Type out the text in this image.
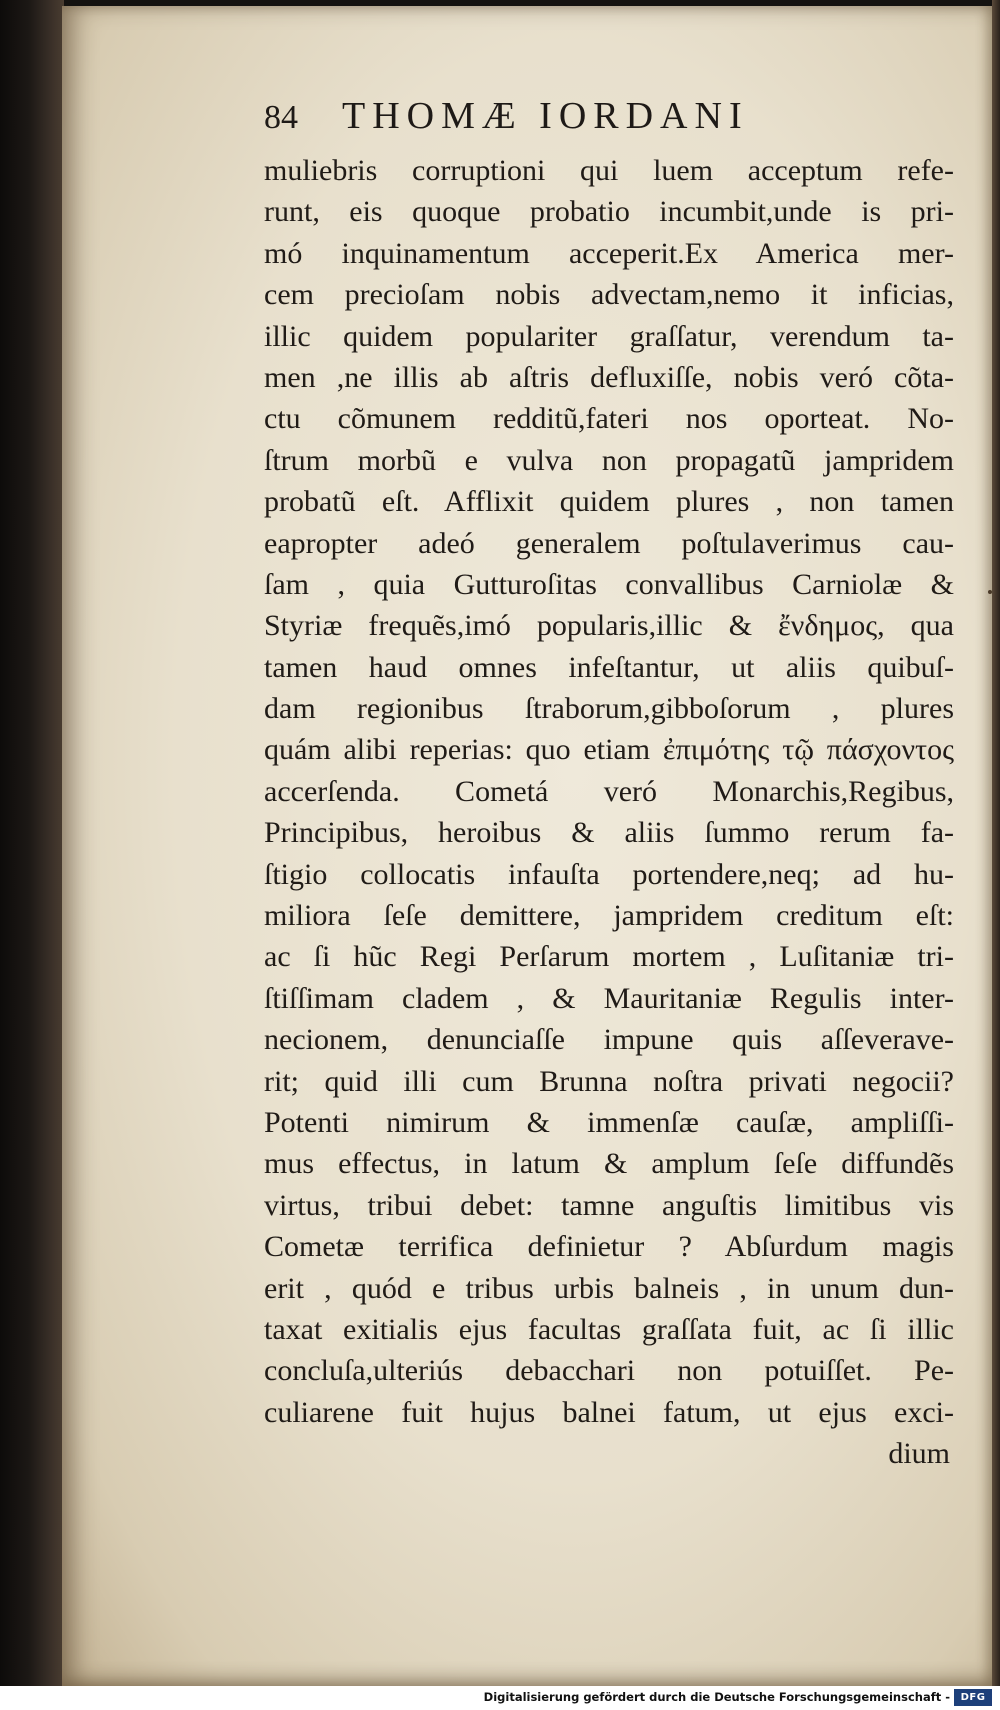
84 THOMÆ IORDANI
muliebris corruptioni qui luem acceptum refe-
runt, eis quoque probatio incumbit,unde is pri-
mó inquinamentum acceperit.Ex America mer-
cem precioſam nobis advectam,nemo it inficias,
illic quidem populariter graſſatur, verendum ta-
men ,ne illis ab aſtris defluxiſſe, nobis veró cõta-
ctu cõmunem redditũ,fateri nos oporteat. No-
ſtrum morbũ e vulva non propagatũ jampridem
probatũ eſt. Afflixit quidem plures , non tamen
eapropter adeó generalem poſtulaverimus cau-
ſam , quia Gutturoſitas convallibus Carniolæ &
Styriæ frequẽs,imó popularis,illic & ἔνδημος, qua
tamen haud omnes infeſtantur, ut aliis quibuſ-
dam regionibus ſtraborum,gibboſorum , plures
quám alibi reperias: quo etiam ἐπιμότης τῷ πάσχοντος
accerſenda. Cometá veró Monarchis,Regibus,
Principibus, heroibus & aliis ſummo rerum fa-
ſtigio collocatis infauſta portendere,neq; ad hu-
miliora ſeſe demittere, jampridem creditum eſt:
ac ſi hũc Regi Perſarum mortem , Luſitaniæ tri-
ſtiſſimam cladem , & Mauritaniæ Regulis inter-
necionem, denunciaſſe impune quis aſſeverave-
rit; quid illi cum Brunna noſtra privati negocii?
Potenti nimirum & immenſæ cauſæ, ampliſſi-
mus effectus, in latum & amplum ſeſe diffundẽs
virtus, tribui debet: tamne anguſtis limitibus vis
Cometæ terrifica definietur ? Abſurdum magis
erit , quód e tribus urbis balneis , in unum dun-
taxat exitialis ejus facultas graſſata fuit, ac ſi illic
concluſa,ulteriús debacchari non potuiſſet. Pe-
culiarene fuit hujus balnei fatum, ut ejus exci-
dium
Digitalisierung gefördert durch die Deutsche Forschungsgemeinschaft -	DFG
